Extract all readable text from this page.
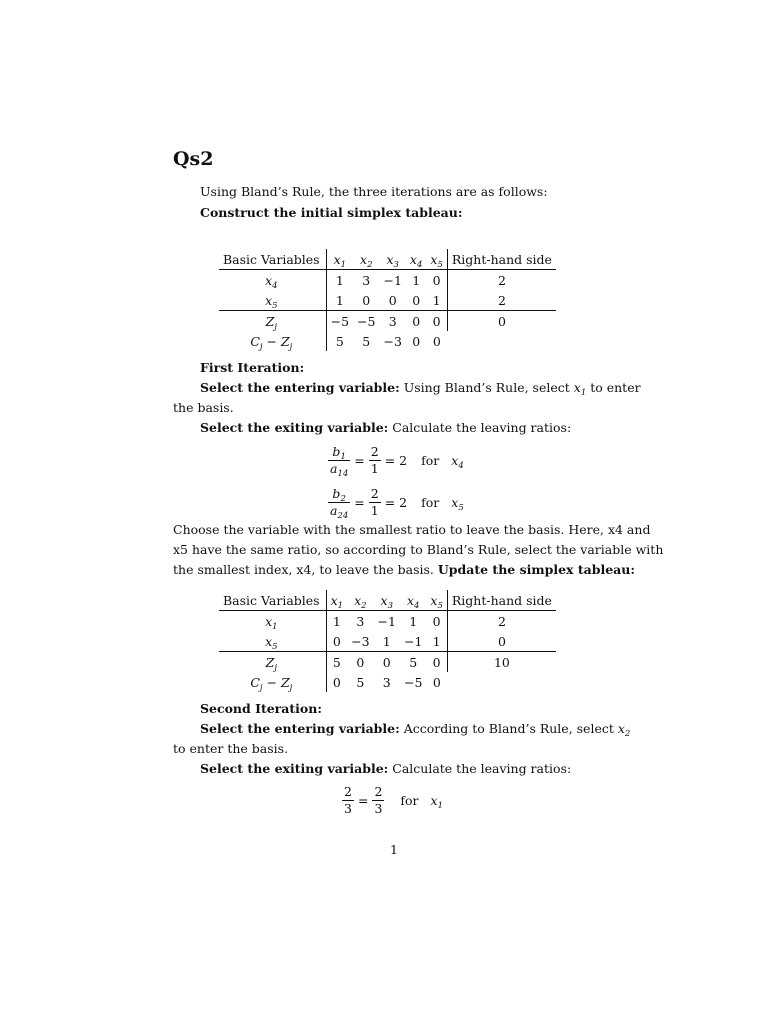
Qs2
Using Bland’s Rule, the three iterations are as follows:
Construct the initial simplex tableau:
Basic Variables	$x_1$	$x_2$	$x_3$	$x_4$	$x_5$	Right-hand side
$x_4$	1	3	−1	1	0	2
$x_5$	1	0	0	0	1	2
$Z_j$	−5	−5	3	0	0	0
$C_j - Z_j$	5	5	−3	0	0	
First Iteration:
Select the entering variable: Using Bland’s Rule, select $x_1$ to enter
the basis.
Select the exiting variable: Calculate the leaving ratios:
$\frac{b_1}{a_{14}} = \frac{2}{1} = 2$ for $x_4$
$\frac{b_2}{a_{24}} = \frac{2}{1} = 2$ for $x_5$
Choose the variable with the smallest ratio to leave the basis. Here, x4 and
x5 have the same ratio, so according to Bland’s Rule, select the variable with
the smallest index, x4, to leave the basis. Update the simplex tableau:
Basic Variables	$x_1$	$x_2$	$x_3$	$x_4$	$x_5$	Right-hand side
$x_1$	1	3	−1	1	0	2
$x_5$	0	−3	1	−1	1	0
$Z_j$	5	0	0	5	0	10
$C_j - Z_j$	0	5	3	−5	0	
Second Iteration:
Select the entering variable: According to Bland’s Rule, select $x_2$
to enter the basis.
Select the exiting variable: Calculate the leaving ratios:
$\frac{2}{3} = \frac{2}{3}$ for $x_1$
1
